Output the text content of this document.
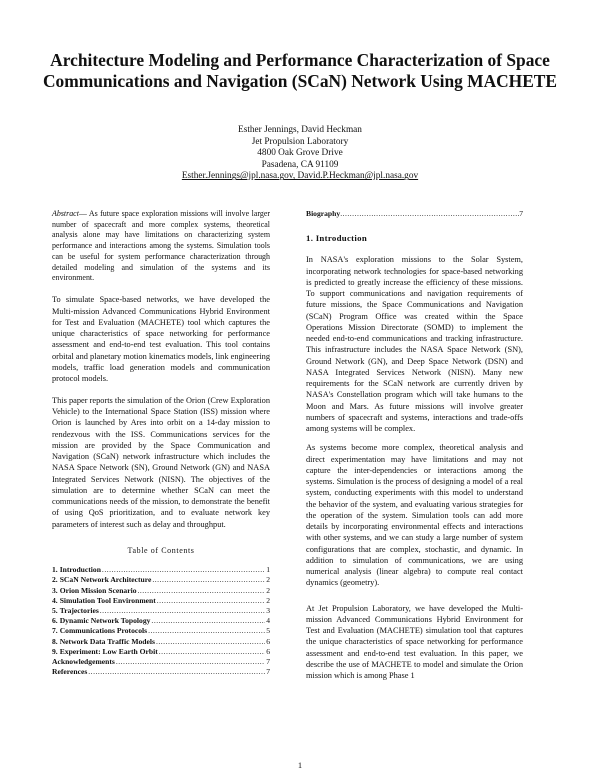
Architecture Modeling and Performance Characterization of Space Communications and Navigation (SCaN) Network Using MACHETE
Esther Jennings, David Heckman
Jet Propulsion Laboratory
4800 Oak Grove Drive
Pasadena, CA 91109
Esther.Jennings@jpl.nasa.gov, David.P.Heckman@jpl.nasa.gov

Abstract— As future space exploration missions will involve larger number of spacecraft and more complex systems, theoretical analysis alone may have limitations on characterizing system performance and interactions among the systems. Simulation tools can be useful for system performance characterization through detailed modeling and simulation of the systems and its environment.

To simulate Space-based networks, we have developed the Multi-mission Advanced Communications Hybrid Environment for Test and Evaluation (MACHETE) tool which captures the unique characteristics of space networking for performance assessment and end-to-end test evaluation. This tool contains orbital and planetary motion kinematics models, link engineering models, traffic load generation models and communication protocol models.

This paper reports the simulation of the Orion (Crew Exploration Vehicle) to the International Space Station (ISS) mission where Orion is launched by Ares into orbit on a 14-day mission to rendezvous with the ISS. Communications services for the mission are provided by the Space Communication and Navigation (SCaN) network infrastructure which includes the NASA Space Network (SN), Ground Network (GN) and NASA Integrated Services Network (NISN). The objectives of the simulation are to determine whether SCaN can meet the communications needs of the mission, to demonstrate the benefit of using QoS prioritization, and to evaluate network key parameters of interest such as delay and throughput.

Table of Contents
1. Introduction .....	1
2. SCaN Network Architecture .....	2
3. Orion Mission Scenario .....	2
4. Simulation Tool Environment .....	2
5. Trajectories .....	3
6. Dynamic Network Topology .....	4
7. Communications Protocols .....	5
8. Network Data Traffic Models .....	6
9. Experiment: Low Earth Orbit .....	6
Acknowledgements .....	7
References .....	7
Biography .....	7
1. Introduction

In NASA's exploration missions to the Solar System, incorporating network technologies for space-based networking is predicted to greatly increase the efficiency of these missions. To support communications and navigation requirements of future missions, the Space Communications and Navigation (SCaN) Program Office was created within the Space Operations Mission Directorate (SOMD) to implement the needed end-to-end communications and tracking infrastructure. This infrastructure includes the NASA Space Network (SN), Ground Network (GN), and Deep Space Network (DSN) and NASA Integrated Services Network (NISN). Many new requirements for the SCaN network are currently driven by NASA's Constellation program which will take humans to the Moon and Mars. As future missions will involve greater numbers of spacecraft and systems, interactions and trade-offs among systems will be complex.

As systems become more complex, theoretical analysis and direct experimentation may have limitations and may not capture the inter-dependencies or interactions among the systems. Simulation is the process of designing a model of a real system, conducting experiments with this model to understand the behavior of the system, and evaluating various strategies for the operation of the system. Simulation tools can add more details by incorporating environmental effects and interactions with other systems, and we can study a large number of system configurations that are complex, stochastic, and dynamic. In addition to simulation of communications, we are using numerical analysis (linear algebra) to compute real contact dynamics (geometry).

At Jet Propulsion Laboratory, we have developed the Multi-mission Advanced Communications Hybrid Environment for Test and Evaluation (MACHETE) simulation tool that captures the unique characteristics of space networking for performance assessment and end-to-end test evaluation. In this paper, we describe the use of MACHETE to model and simulate the Orion mission which is among Phase 1

1
